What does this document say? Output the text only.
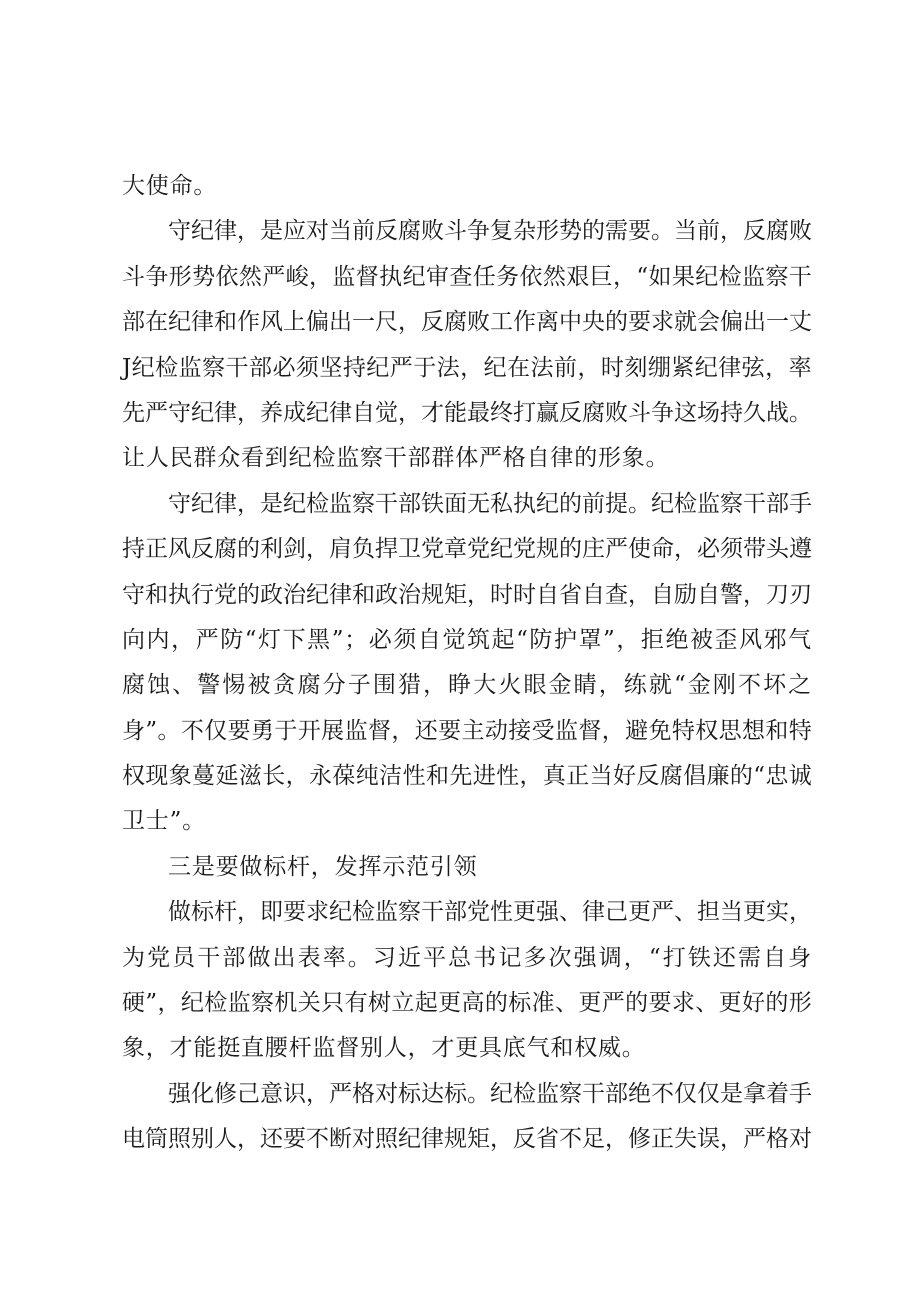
大使命。
守纪律，是应对当前反腐败斗争复杂形势的需要。当前，反腐败
斗争形势依然严峻，监督执纪审查任务依然艰巨，“如果纪检监察干
部在纪律和作风上偏出一尺，反腐败工作离中央的要求就会偏出一丈
J纪检监察干部必须坚持纪严于法，纪在法前，时刻绷紧纪律弦，率
先严守纪律，养成纪律自觉，才能最终打赢反腐败斗争这场持久战。
让人民群众看到纪检监察干部群体严格自律的形象。
守纪律，是纪检监察干部铁面无私执纪的前提。纪检监察干部手
持正风反腐的利剑，肩负捍卫党章党纪党规的庄严使命，必须带头遵
守和执行党的政治纪律和政治规矩，时时自省自查，自励自警，刀刃
向内，严防“灯下黑”；必须自觉筑起“防护罩”，拒绝被歪风邪气
腐蚀、警惕被贪腐分子围猎，睁大火眼金睛，练就“金刚不坏之
身”。不仅要勇于开展监督，还要主动接受监督，避免特权思想和特
权现象蔓延滋长，永葆纯洁性和先进性，真正当好反腐倡廉的“忠诚
卫士”。
三是要做标杆，发挥示范引领
做标杆，即要求纪检监察干部党性更强、律己更严、担当更实，
为党员干部做出表率。习近平总书记多次强调，“打铁还需自身
硬”，纪检监察机关只有树立起更高的标准、更严的要求、更好的形
象，才能挺直腰杆监督别人，才更具底气和权威。
强化修己意识，严格对标达标。纪检监察干部绝不仅仅是拿着手
电筒照别人，还要不断对照纪律规矩，反省不足，修正失误，严格对
